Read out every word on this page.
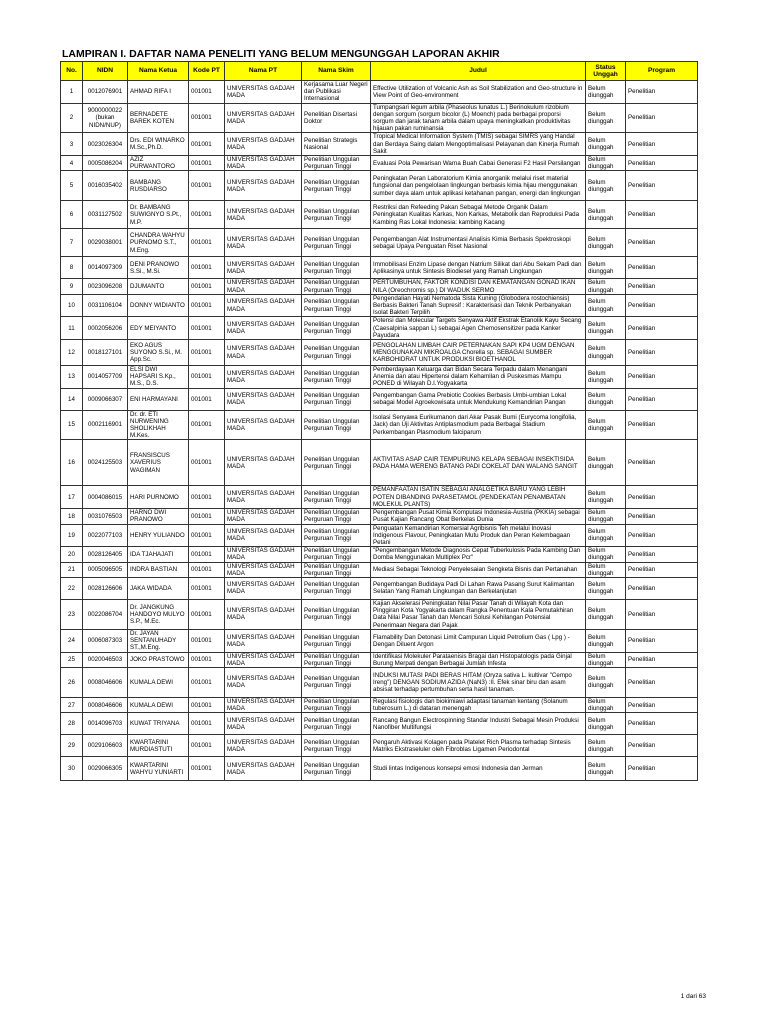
LAMPIRAN I. DAFTAR NAMA PENELITI YANG BELUM MENGUNGGAH LAPORAN AKHIR
No.	NIDN	Nama Ketua	Kode PT	Nama PT	Nama Skim	Judul	Status Unggah	Program
1	0012076901	AHMAD RIFA I	001001	UNIVERSITAS GADJAH MADA	Kerjasama Luar Negeri dan Publikasi Internasional	Effective Utilization of Volcanic Ash as Soil Stabilization and Geo-structure in View Point of Geo-environment	Belum diunggah	Penelitian
2	9000000022 (bukan NIDN/NUP)	BERNADETE BAREK KOTEN	001001	UNIVERSITAS GADJAH MADA	Penelitian Disertasi Doktor	Tumpangsari legum arbila (Phaseolus lunatus L.) Berinokulum rizobium dengan sorgum (sorgum bicolor (L) Moench) pada berbagai proporsi sorgum dan jarak tanam arbila dalam upaya meningkatkan produktivitas hijauan pakan ruminansia	Belum diunggah	Penelitian
3	0023026304	Drs. EDI WINARKO M.Sc.,Ph.D.	001001	UNIVERSITAS GADJAH MADA	Penelitian Strategis Nasional	Tropical Medical Information System (TMIS) sebagai SIMRS yang Handal dan Berdaya Saing dalam Mengoptimalisasi Pelayanan dan Kinerja Rumah Sakit	Belum diunggah	Penelitian
4	0005086204	AZIZ PURWANTORO	001001	UNIVERSITAS GADJAH MADA	Penelitian Unggulan Perguruan Tinggi	Evaluasi Pola Pewarisan Warna Buah Cabai Generasi F2 Hasil Persilangan	Belum diunggah	Penelitian
5	0016035402	BAMBANG RUSDIARSO	001001	UNIVERSITAS GADJAH MADA	Penelitian Unggulan Perguruan Tinggi	Peningkatan Peran Laboratorium Kimia anorganik melalui riset material fungsional dan pengelolaan lingkungan berbasis kimia hijau menggunakan sumber daya alam untuk aplikasi ketahanan pangan, energi dan lingkungan	Belum diunggah	Penelitian
6	0031127502	Dr. BAMBANG SUWIGNYO S.Pt., M.P.	001001	UNIVERSITAS GADJAH MADA	Penelitian Unggulan Perguruan Tinggi	Restriksi dan Refeeding Pakan Sebagai Metode Organik Dalam Peningkatan Kualitas Karkas, Non Karkas, Metabolik dan Reproduksi Pada Kambing Ras Lokal Indonesia: kambing Kacang	Belum diunggah	Penelitian
7	0029038001	CHANDRA WAHYU PURNOMO S.T., M.Eng.	001001	UNIVERSITAS GADJAH MADA	Penelitian Unggulan Perguruan Tinggi	Pengembangan Alat Instrumentasi Analisis Kimia Berbasis Spektroskopi sebagai Upaya Penguatan Riset Nasional	Belum diunggah	Penelitian
8	0014097309	DENI PRANOWO S.Si., M.Si.	001001	UNIVERSITAS GADJAH MADA	Penelitian Unggulan Perguruan Tinggi	Immobilisasi Enzim Lipase dengan Natrium Silikat dari Abu Sekam Padi dan Aplikasinya untuk Sintesis Biodiesel yang Ramah Lingkungan	Belum diunggah	Penelitian
9	0023096208	DJUMANTO	001001	UNIVERSITAS GADJAH MADA	Penelitian Unggulan Perguruan Tinggi	PERTUMBUHAN, FAKTOR KONDISI DAN KEMATANGAN GONAD IKAN NILA (Oreochromis sp.) DI WADUK SERMO	Belum diunggah	Penelitian
10	0031106104	DONNY WIDIANTO	001001	UNIVERSITAS GADJAH MADA	Penelitian Unggulan Perguruan Tinggi	Pengendalian Hayati Nematoda Sista Kuning (Globodera rostochiensis) Berbasis Bakteri Tanah Supresif : Karakterisasi dan Teknik Perbanyakan Isolat Bakteri Terpilih	Belum diunggah	Penelitian
11	0002056206	EDY MEIYANTO	001001	UNIVERSITAS GADJAH MADA	Penelitian Unggulan Perguruan Tinggi	Potensi dan Molecular Targets Senyawa Aktif Ekstrak Etanolik Kayu Secang (Caesalpinia sappan L) sebagai Agen Chemosensitizer pada Kanker Payudara	Belum diunggah	Penelitian
12	0018127101	EKO AGUS SUYONO S.Si., M. App.Sc.	001001	UNIVERSITAS GADJAH MADA	Penelitian Unggulan Perguruan Tinggi	PENGOLAHAN LIMBAH CAIR PETERNAKAN SAPI KP4 UGM DENGAN MENGGUNAKAN MIKROALGA Chorella sp. SEBAGAI SUMBER KARBOHIDRAT UNTUK PRODUKSI BIOETHANOL	Belum diunggah	Penelitian
13	0014057709	ELSI DWI HAPSARI S.Kp., M.S., D.S.	001001	UNIVERSITAS GADJAH MADA	Penelitian Unggulan Perguruan Tinggi	Pemberdayaan Keluarga dan Bidan Secara Terpadu dalam Menangani Anemia dan atau Hipertensi dalam Kehamilan di Puskesmas Mampu PONED di Wilayah D.I.Yogyakarta	Belum diunggah	Penelitian
14	0009066307	ENI HARMAYANI	001001	UNIVERSITAS GADJAH MADA	Penelitian Unggulan Perguruan Tinggi	Pengembangan Gama Prebiotic Cookies Berbasis Umbi-umbian Lokal sebagai Model Agroekowisata untuk Mendukung Kemandirian Pangan	Belum diunggah	Penelitian
15	0002116901	Dr. dr. ETI NURWENING SHOLIKHAH M.Kes.	001001	UNIVERSITAS GADJAH MADA	Penelitian Unggulan Perguruan Tinggi	Isolasi Senyawa Eurikumanon dari Akar Pasak Bumi (Eurycoma longifolia, Jack) dan Uji Aktivitas Antiplasmodium pada Berbagai Stadium Perkembangan Plasmodium falciparum	Belum diunggah	Penelitian
16	0024125503	FRANSISCUS XAVERIUS WAGIMAN	001001	UNIVERSITAS GADJAH MADA	Penelitian Unggulan Perguruan Tinggi	AKTIVITAS ASAP CAIR TEMPURUNG KELAPA SEBAGAI INSEKTISIDA PADA HAMA WERENG BATANG PADI COKELAT DAN WALANG SANGIT	Belum diunggah	Penelitian
17	0004086015	HARI PURNOMO	001001	UNIVERSITAS GADJAH MADA	Penelitian Unggulan Perguruan Tinggi	PEMANFAATAN ISATIN SEBAGAI ANALGETIKA BARU YANG LEBIH POTEN DIBANDING PARASETAMOL (PENDEKATAN PENAMBATAN MOLEKUL PLANTS)	Belum diunggah	Penelitian
18	0031076503	HARNO DWI PRANOWO	001001	UNIVERSITAS GADJAH MADA	Penelitian Unggulan Perguruan Tinggi	Pengembangan Pusat Kimia Komputasi Indonesia-Austria (PKKIA) sebagai Pusat Kajian Rancang Obat Berkelas Dunia	Belum diunggah	Penelitian
19	0022077103	HENRY YULIANDO	001001	UNIVERSITAS GADJAH MADA	Penelitian Unggulan Perguruan Tinggi	Penguatan Kemandirian Komersial Agribisnis Teh melalui Inovasi Indigenous Flavour, Peningkatan Mutu Produk dan Peran Kelembagaan Petani	Belum diunggah	Penelitian
20	0028126405	IDA TJAHAJATI	001001	UNIVERSITAS GADJAH MADA	Penelitian Unggulan Perguruan Tinggi	"Pengembangan Metode Diagnosis Cepat Tuberkulosis Pada Kambing Dan Domba Menggunakan Multiplex Pcr"	Belum diunggah	Penelitian
21	0005096505	INDRA BASTIAN	001001	UNIVERSITAS GADJAH MADA	Penelitian Unggulan Perguruan Tinggi	Mediasi Sebagai Teknologi Penyelesaian Sengketa Bisnis dan Pertanahan	Belum diunggah	Penelitian
22	0028126606	JAKA WIDADA	001001	UNIVERSITAS GADJAH MADA	Penelitian Unggulan Perguruan Tinggi	Pengembangan Budidaya Padi Di Lahan Rawa Pasang Surut Kalimantan Selatan Yang Ramah Lingkungan dan Berkelanjutan	Belum diunggah	Penelitian
23	0022086704	Dr. JANGKUNG HANDOYO MULYO S.P., M.Ec.	001001	UNIVERSITAS GADJAH MADA	Penelitian Unggulan Perguruan Tinggi	Kajian Akselerasi Peningkatan Nilai Pasar Tanah di Wilayah Kota dan Pinggiran Kota Yogyakarta dalam Rangka Penentuan Kala Pemutakhiran Data Nilai Pasar Tanah dan Mencari Solusi Kehilangan Potensial Penerimaan Negara dari Pajak	Belum diunggah	Penelitian
24	0006087303	Dr. JAYAN SENTANUHADY ST.,M.Eng.	001001	UNIVERSITAS GADJAH MADA	Penelitian Unggulan Perguruan Tinggi	Flamability Dan Detonasi Limit Campuran Liquid Petrolium Gas ( Lpg ) - Dengan Diluent Argon	Belum diunggah	Penelitian
25	0020046503	JOKO PRASTOWO	001001	UNIVERSITAS GADJAH MADA	Penelitian Unggulan Perguruan Tinggi	Identifikasi Molekuler Parataenisis Bragai dan Histopatologis pada Ginjal Burung Merpati dengan Berbagai Jumlah Infesta	Belum diunggah	Penelitian
26	0008046606	KUMALA DEWI	001001	UNIVERSITAS GADJAH MADA	Penelitian Unggulan Perguruan Tinggi	INDUKSI MUTASI PADI BERAS HITAM (Oryza sativa L. kultivar "Cempo Ireng") DENGAN SODIUM AZIDA (NaN3) :II. Efek sinar biru dan asam absisat terhadap pertumbuhan serta hasil tanaman.	Belum diunggah	Penelitian
27	0008046606	KUMALA DEWI	001001	UNIVERSITAS GADJAH MADA	Penelitian Unggulan Perguruan Tinggi	Regulasi fisiologis dan biokimiawi adaptasi tanaman kentang (Solanum tuberosum L.) di dataran menengah	Belum diunggah	Penelitian
28	0014096703	KUWAT TRIYANA	001001	UNIVERSITAS GADJAH MADA	Penelitian Unggulan Perguruan Tinggi	Rancang Bangun Electrospinning Standar Industri Sebagai Mesin Produksi Nanofiber Multifungsi	Belum diunggah	Penelitian
29	0029106603	KWARTARINI MURDIASTUTI	001001	UNIVERSITAS GADJAH MADA	Penelitian Unggulan Perguruan Tinggi	Pengaruh Aktivasi Kolagen pada Platelet Rich Plasma terhadap Sintesis Matriks Ekstraseluler oleh Fibroblas Ligamen Periodontal	Belum diunggah	Penelitian
30	0029066305	KWARTARINI WAHYU YUNIARTI	001001	UNIVERSITAS GADJAH MADA	Penelitian Unggulan Perguruan Tinggi	Studi lintas Indigenous konsepsi emosi Indonesia dan Jerman	Belum diunggah	Penelitian
1 dari 63
